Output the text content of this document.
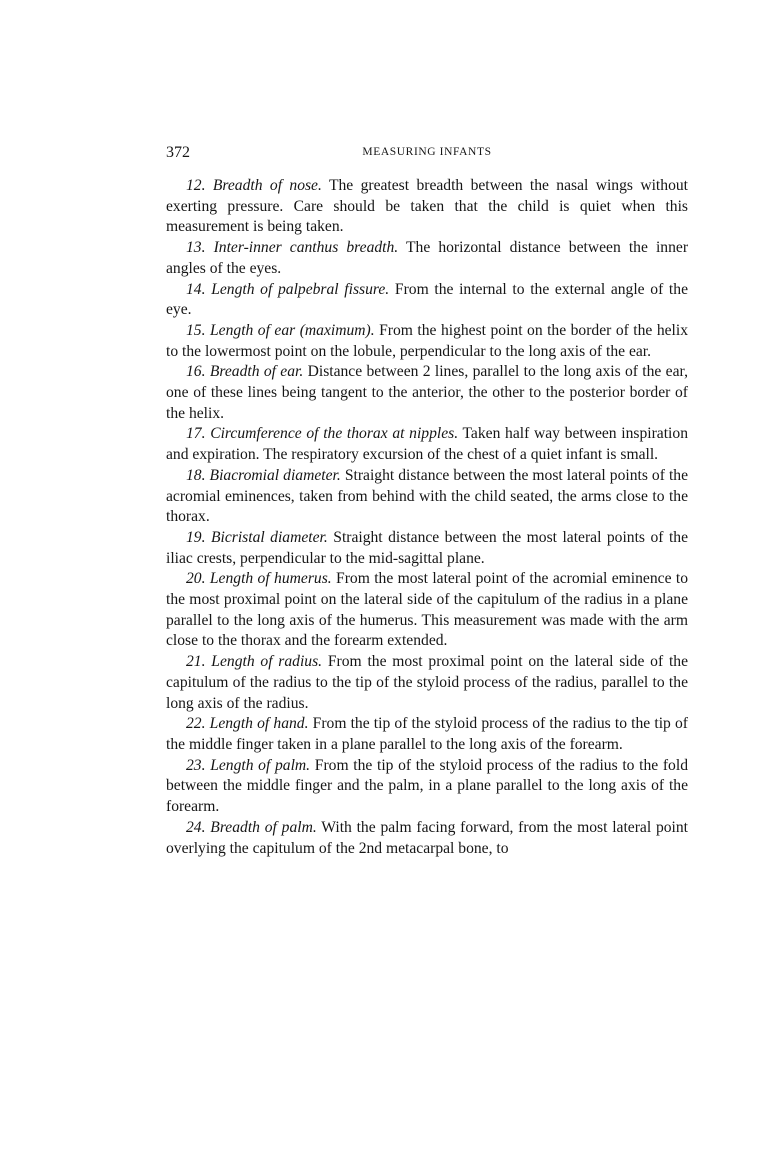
372	MEASURING INFANTS

12. Breadth of nose. The greatest breadth between the nasal wings without exerting pressure. Care should be taken that the child is quiet when this measurement is being taken.

13. Inter-inner canthus breadth. The horizontal distance between the inner angles of the eyes.

14. Length of palpebral fissure. From the internal to the external angle of the eye.

15. Length of ear (maximum). From the highest point on the border of the helix to the lowermost point on the lobule, perpendicular to the long axis of the ear.

16. Breadth of ear. Distance between 2 lines, parallel to the long axis of the ear, one of these lines being tangent to the anterior, the other to the posterior border of the helix.

17. Circumference of the thorax at nipples. Taken half way between inspiration and expiration. The respiratory excursion of the chest of a quiet infant is small.

18. Biacromial diameter. Straight distance between the most lateral points of the acromial eminences, taken from behind with the child seated, the arms close to the thorax.

19. Bicristal diameter. Straight distance between the most lateral points of the iliac crests, perpendicular to the mid-sagittal plane.

20. Length of humerus. From the most lateral point of the acromial eminence to the most proximal point on the lateral side of the capitulum of the radius in a plane parallel to the long axis of the humerus. This measurement was made with the arm close to the thorax and the forearm extended.

21. Length of radius. From the most proximal point on the lateral side of the capitulum of the radius to the tip of the styloid process of the radius, parallel to the long axis of the radius.

22. Length of hand. From the tip of the styloid process of the radius to the tip of the middle finger taken in a plane parallel to the long axis of the forearm.

23. Length of palm. From the tip of the styloid process of the radius to the fold between the middle finger and the palm, in a plane parallel to the long axis of the forearm.

24. Breadth of palm. With the palm facing forward, from the most lateral point overlying the capitulum of the 2nd metacarpal bone, to
